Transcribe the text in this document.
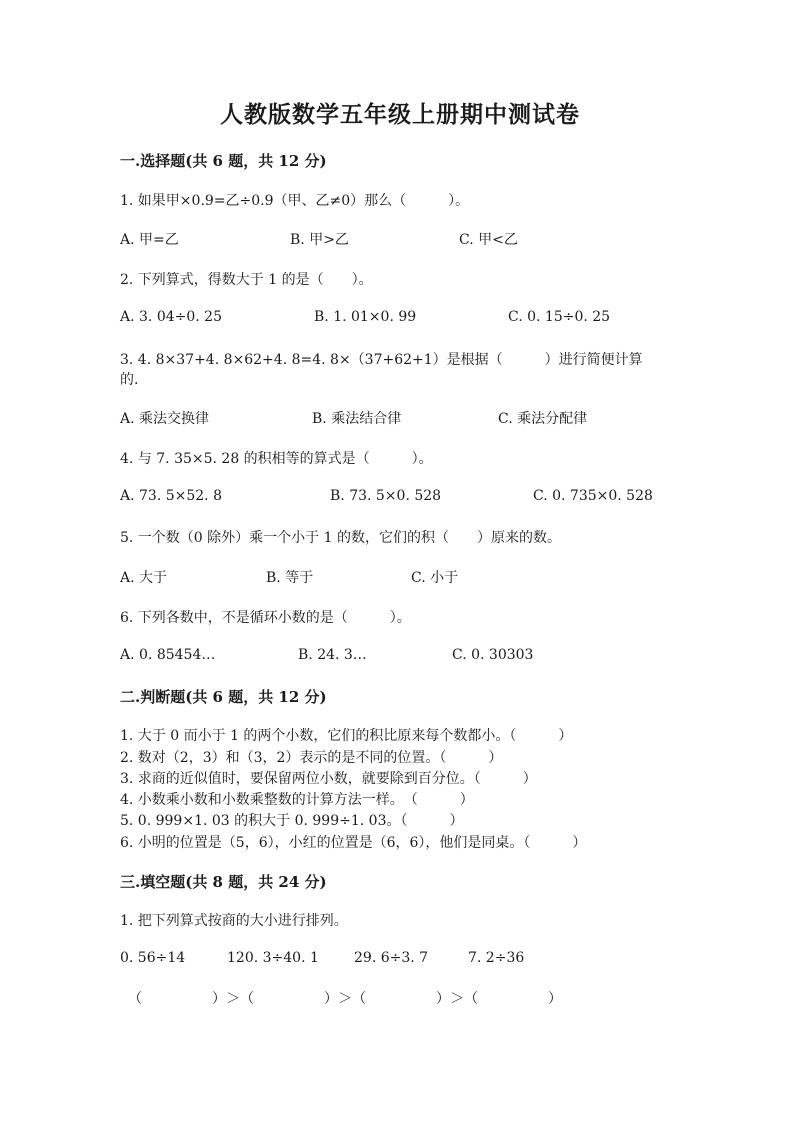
人教版数学五年级上册期中测试卷
一.选择题(共 6 题，共 12 分)
1. 如果甲×0.9=乙÷0.9（甲、乙≠0）那么（　　　）。
A. 甲=乙	B. 甲>乙	C. 甲<乙
2. 下列算式，得数大于 1 的是（　　）。
A. 3. 04÷0. 25	B. 1. 01×0. 99	C. 0. 15÷0. 25
3. 4. 8×37+4. 8×62+4. 8=4. 8×（37+62+1）是根据（　　　）进行简便计算
的.
A. 乘法交换律	B. 乘法结合律	C. 乘法分配律
4. 与 7. 35×5. 28 的积相等的算式是（　　　）。
A. 73. 5×52. 8	B. 73. 5×0. 528	C. 0. 735×0. 528
5. 一个数（0 除外）乘一个小于 1 的数，它们的积（　　）原来的数。
A. 大于	B. 等于	C. 小于
6. 下列各数中，不是循环小数的是（　　　）。
A. 0. 85454…	B. 24. 3…	C. 0. 30303
二.判断题(共 6 题，共 12 分)
1. 大于 0 而小于 1 的两个小数，它们的积比原来每个数都小。（　　　）
2. 数对（2，3）和（3，2）表示的是不同的位置。（　　　）
3. 求商的近似值时，要保留两位小数，就要除到百分位。（　　　）
4. 小数乘小数和小数乘整数的计算方法一样。　（　　　）
5. 0. 999×1. 03 的积大于 0. 999÷1. 03。（　　　）
6. 小明的位置是（5，6），小红的位置是（6，6），他们是同桌。（　　　）
三.填空题(共 8 题，共 24 分)
1. 把下列算式按商的大小进行排列。
0. 56÷14	120. 3÷40. 1	29. 6÷3. 7	7. 2÷36
（　　　　　）＞（　　　　　）＞（　　　　　）＞（　　　　　）
